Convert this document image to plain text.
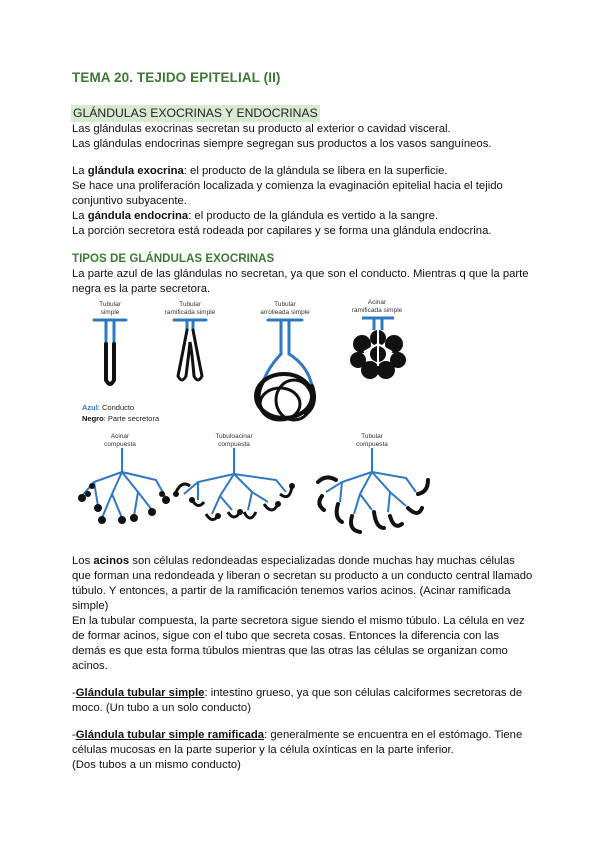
TEMA 20. TEJIDO EPITELIAL (II)
GLÁNDULAS EXOCRINAS Y ENDOCRINAS
Las glándulas exocrinas secretan su producto al exterior o cavidad visceral.
Las glándulas endocrinas siempre segregan sus productos a los vasos sanguíneos.
La glándula exocrina: el producto de la glándula se libera en la superficie.
Se hace una proliferación localizada y comienza la evaginación epitelial hacia el tejido
conjuntivo subyacente.
La gándula endocrina: el producto de la glándula es vertido a la sangre.
La porción secretora está rodeada por capilares y se forma una glándula endocrina.
TIPOS DE GLÁNDULAS EXOCRINAS
La parte azul de las glándulas no secretan, ya que son el conducto. Mientras q que la parte
negra es la parte secretora.
Tubular
simple
Tubular
ramificada simple
Tubular
arrolleada simple
Acinar
ramificada simple
Azul: Conducto
Negro: Parte secretora
Acinar
compuesta
Tubuloacinar
compuesta
Tubular
compuesta
Los acinos son células redondeadas especializadas donde muchas hay muchas células
que forman una redondeada y liberan o secretan su producto a un conducto central llamado
túbulo. Y entonces, a partir de la ramificación tenemos varios acinos. (Acinar ramificada
simple)
En la tubular compuesta, la parte secretora sigue siendo el mismo túbulo. La célula en vez
de formar acinos, sigue con el tubo que secreta cosas. Entonces la diferencia con las
demás es que esta forma túbulos mientras que las otras las células se organizan como
acinos.
-Glándula tubular simple: intestino grueso, ya que son células calciformes secretoras de
moco. (Un tubo a un solo conducto)
-Glándula tubular simple ramificada: generalmente se encuentra en el estómago. Tiene
células mucosas en la parte superior y la célula oxínticas en la parte inferior.
(Dos tubos a un mismo conducto)
